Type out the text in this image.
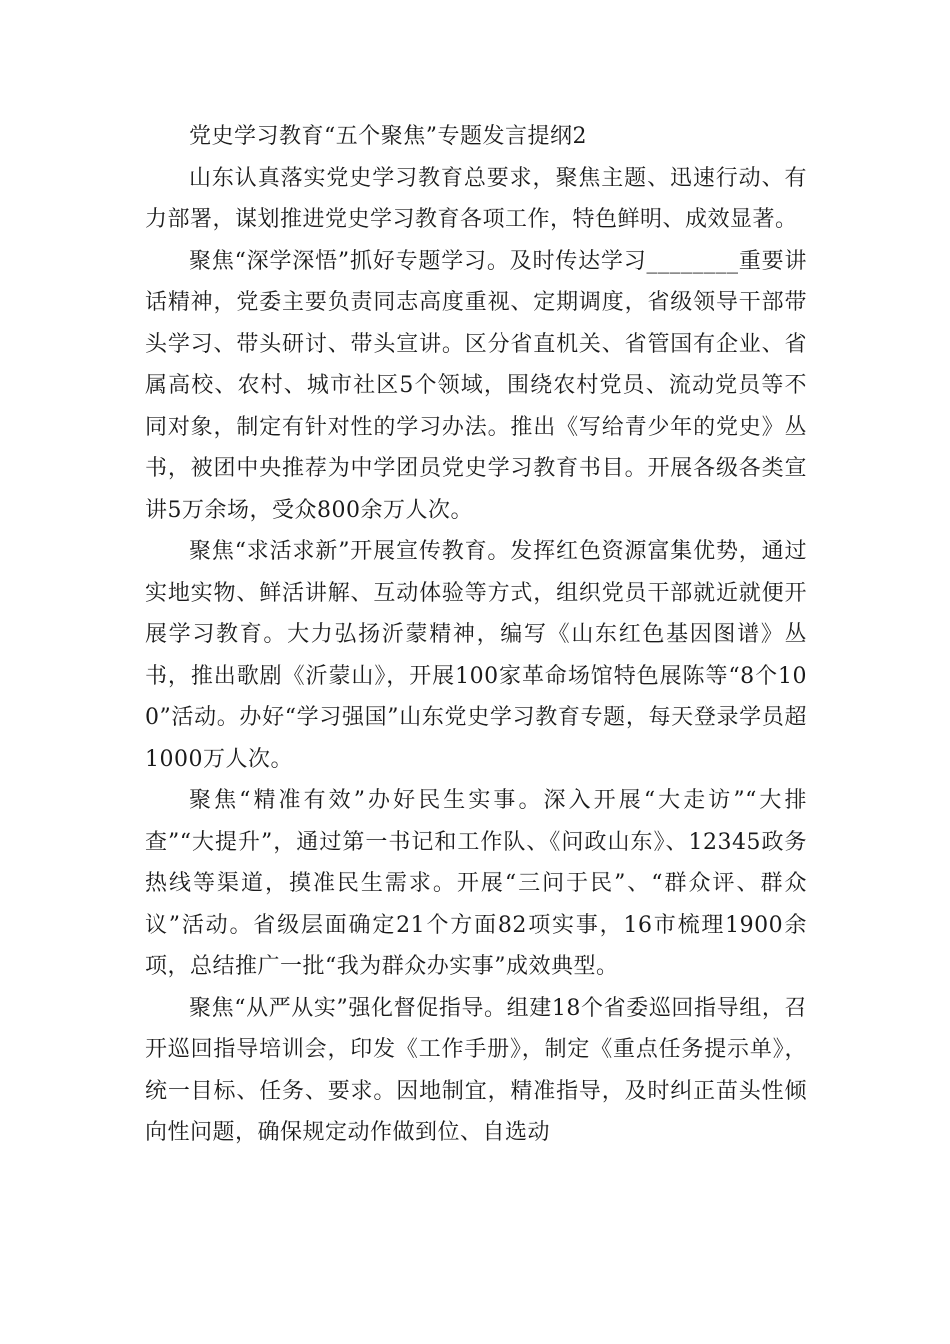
党史学习教育“五个聚焦”专题发言提纲2

山东认真落实党史学习教育总要求，聚焦主题、迅速行动、有力部署，谋划推进党史学习教育各项工作，特色鲜明、成效显著。

聚焦“深学深悟”抓好专题学习。及时传达学习________重要讲话精神，党委主要负责同志高度重视、定期调度，省级领导干部带头学习、带头研讨、带头宣讲。区分省直机关、省管国有企业、省属高校、农村、城市社区5个领域，围绕农村党员、流动党员等不同对象，制定有针对性的学习办法。推出《写给青少年的党史》丛书，被团中央推荐为中学团员党史学习教育书目。开展各级各类宣讲5万余场，受众800余万人次。

聚焦“求活求新”开展宣传教育。发挥红色资源富集优势，通过实地实物、鲜活讲解、互动体验等方式，组织党员干部就近就便开展学习教育。大力弘扬沂蒙精神，编写《山东红色基因图谱》丛书，推出歌剧《沂蒙山》，开展100家革命场馆特色展陈等“8个100”活动。办好“学习强国”山东党史学习教育专题，每天登录学员超1000万人次。

聚焦“精准有效”办好民生实事。深入开展“大走访”“大排查”“大提升”，通过第一书记和工作队、《问政山东》、12345政务热线等渠道，摸准民生需求。开展“三问于民”、“群众评、群众议”活动。省级层面确定21个方面82项实事，16市梳理1900余项，总结推广一批“我为群众办实事”成效典型。

聚焦“从严从实”强化督促指导。组建18个省委巡回指导组，召开巡回指导培训会，印发《工作手册》，制定《重点任务提示单》，统一目标、任务、要求。因地制宜，精准指导，及时纠正苗头性倾向性问题，确保规定动作做到位、自选动
